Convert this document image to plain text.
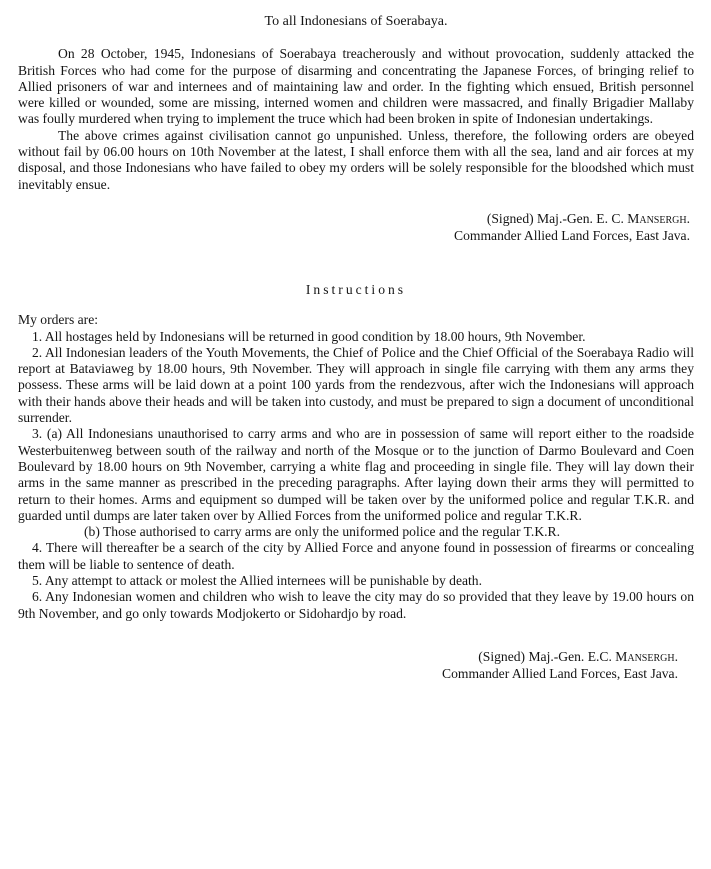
To all Indonesians of Soerabaya.

On 28 October, 1945, Indonesians of Soerabaya treacherously and without provocation, suddenly attacked the British Forces who had come for the purpose of disarming and concentrating the Japanese Forces, of bringing relief to Allied prisoners of war and internees and of maintaining law and order. In the fighting which ensued, British personnel were killed or wounded, some are missing, interned women and children were massacred, and finally Brigadier Mallaby was foully murdered when trying to implement the truce which had been broken in spite of Indonesian undertakings.

The above crimes against civilisation cannot go unpunished. Unless, therefore, the following orders are obeyed without fail by 06.00 hours on 10th November at the latest, I shall enforce them with all the sea, land and air forces at my disposal, and those Indonesians who have failed to obey my orders will be solely responsible for the bloodshed which must inevitably ensue.

(Signed) Maj.-Gen. E. C. Mansergh.
Commander Allied Land Forces, East Java.
Instructions

My orders are:

1. All hostages held by Indonesians will be returned in good condition by 18.00 hours, 9th November.

2. All Indonesian leaders of the Youth Movements, the Chief of Police and the Chief Official of the Soerabaya Radio will report at Bataviaweg by 18.00 hours, 9th November. They will approach in single file carrying with them any arms they possess. These arms will be laid down at a point 100 yards from the rendezvous, after wich the Indonesians will approach with their hands above their heads and will be taken into custody, and must be prepared to sign a document of unconditional surrender.

3. (a) All Indonesians unauthorised to carry arms and who are in possession of same will report either to the roadside Westerbuitenweg between south of the railway and north of the Mosque or to the junction of Darmo Boulevard and Coen Boulevard by 18.00 hours on 9th November, carrying a white flag and proceeding in single file. They will lay down their arms in the same manner as prescribed in the preceding paragraphs. After laying down their arms they will permitted to return to their homes. Arms and equipment so dumped will be taken over by the uniformed police and regular T.K.R. and guarded until dumps are later taken over by Allied Forces from the uniformed police and regular T.K.R.

(b) Those authorised to carry arms are only the uniformed police and the regular T.K.R.

4. There will thereafter be a search of the city by Allied Force and anyone found in possession of firearms or concealing them will be liable to sentence of death.

5. Any attempt to attack or molest the Allied internees will be punishable by death.

6. Any Indonesian women and children who wish to leave the city may do so provided that they leave by 19.00 hours on 9th November, and go only towards Modjokerto or Sidohardjo by road.

(Signed) Maj.-Gen. E.C. Mansergh.
Commander Allied Land Forces, East Java.
